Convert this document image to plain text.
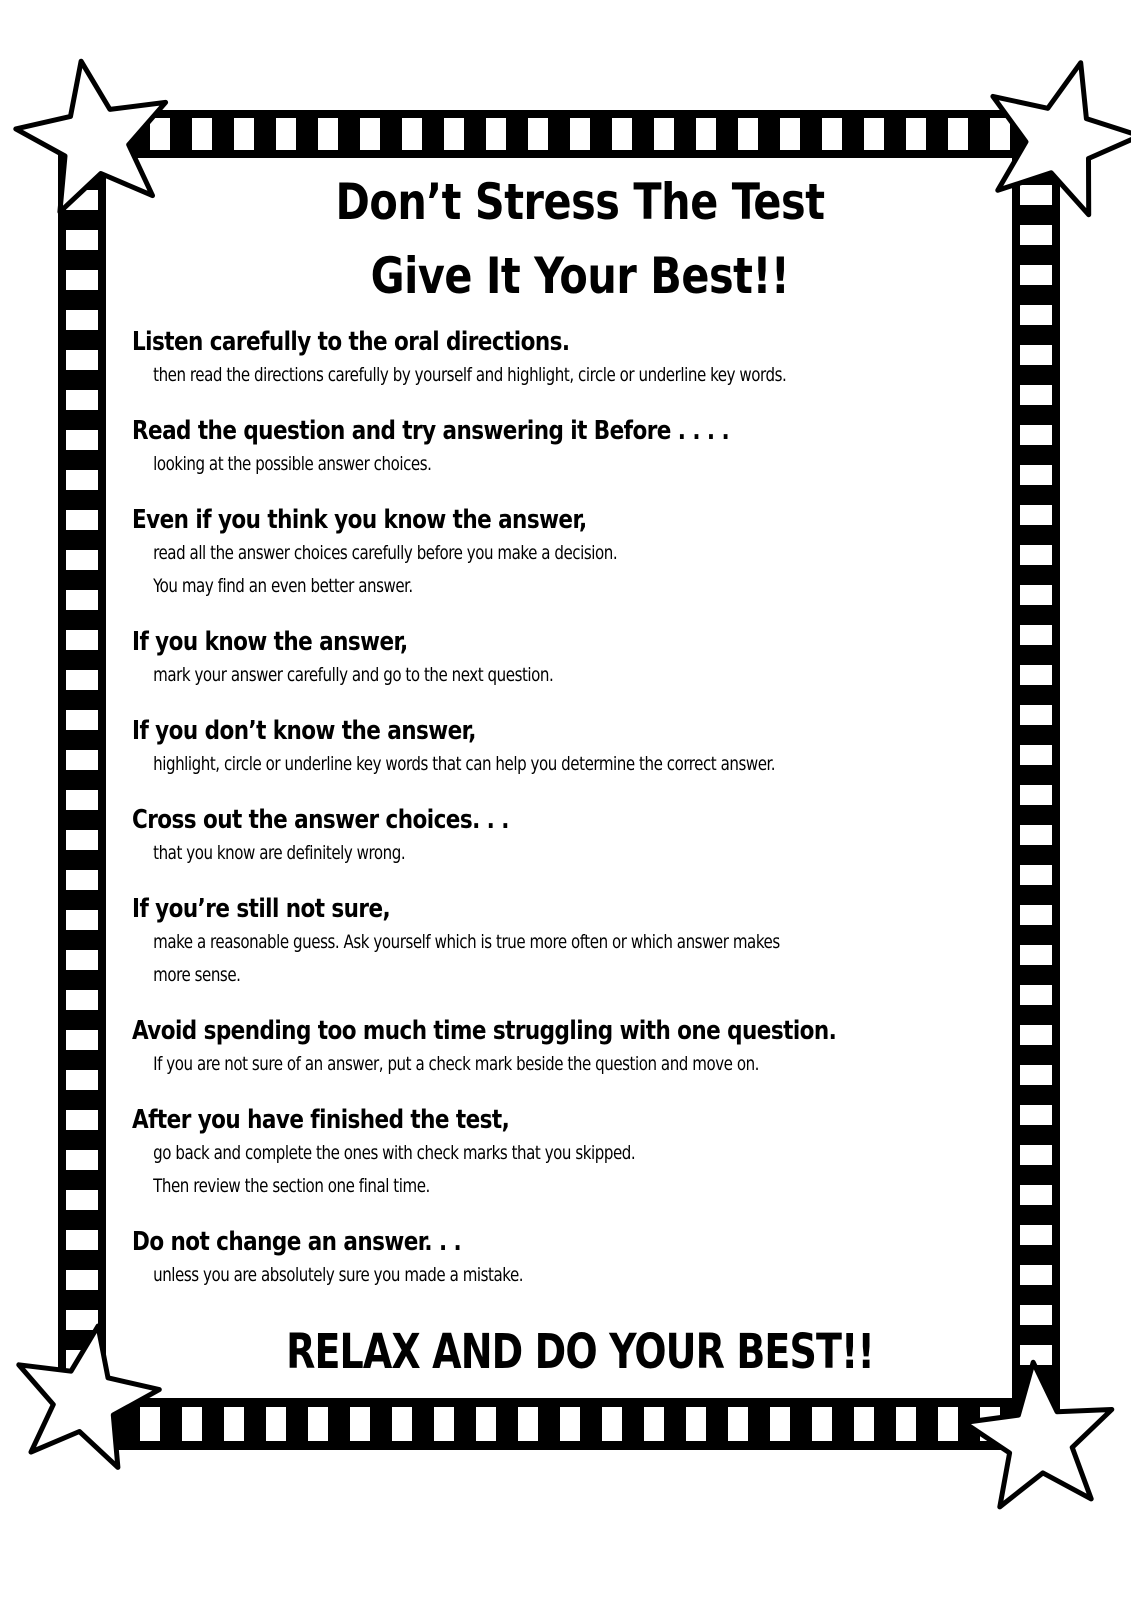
Don’t Stress The Test
Give It Your Best!!
Listen carefully to the oral directions.
then read the directions carefully by yourself and highlight, circle or underline key words.
Read the question and try answering it Before . . . .
looking at the possible answer choices.
Even if you think you know the answer,
read all the answer choices carefully before you make a decision.
You may find an even better answer.
If you know the answer,
mark your answer carefully and go to the next question.
If you don’t know the answer,
highlight, circle or underline key words that can help you determine the correct answer.
Cross out the answer choices. . .
that you know are definitely wrong.
If you’re still not sure,
make a reasonable guess. Ask yourself which is true more often or which answer makes
more sense.
Avoid spending too much time struggling with one question.
If you are not sure of an answer, put a check mark beside the question and move on.
After you have finished the test,
go back and complete the ones with check marks that you skipped.
Then review the section one final time.
Do not change an answer. . .
unless you are absolutely sure you made a mistake.
RELAX AND DO YOUR BEST!!
